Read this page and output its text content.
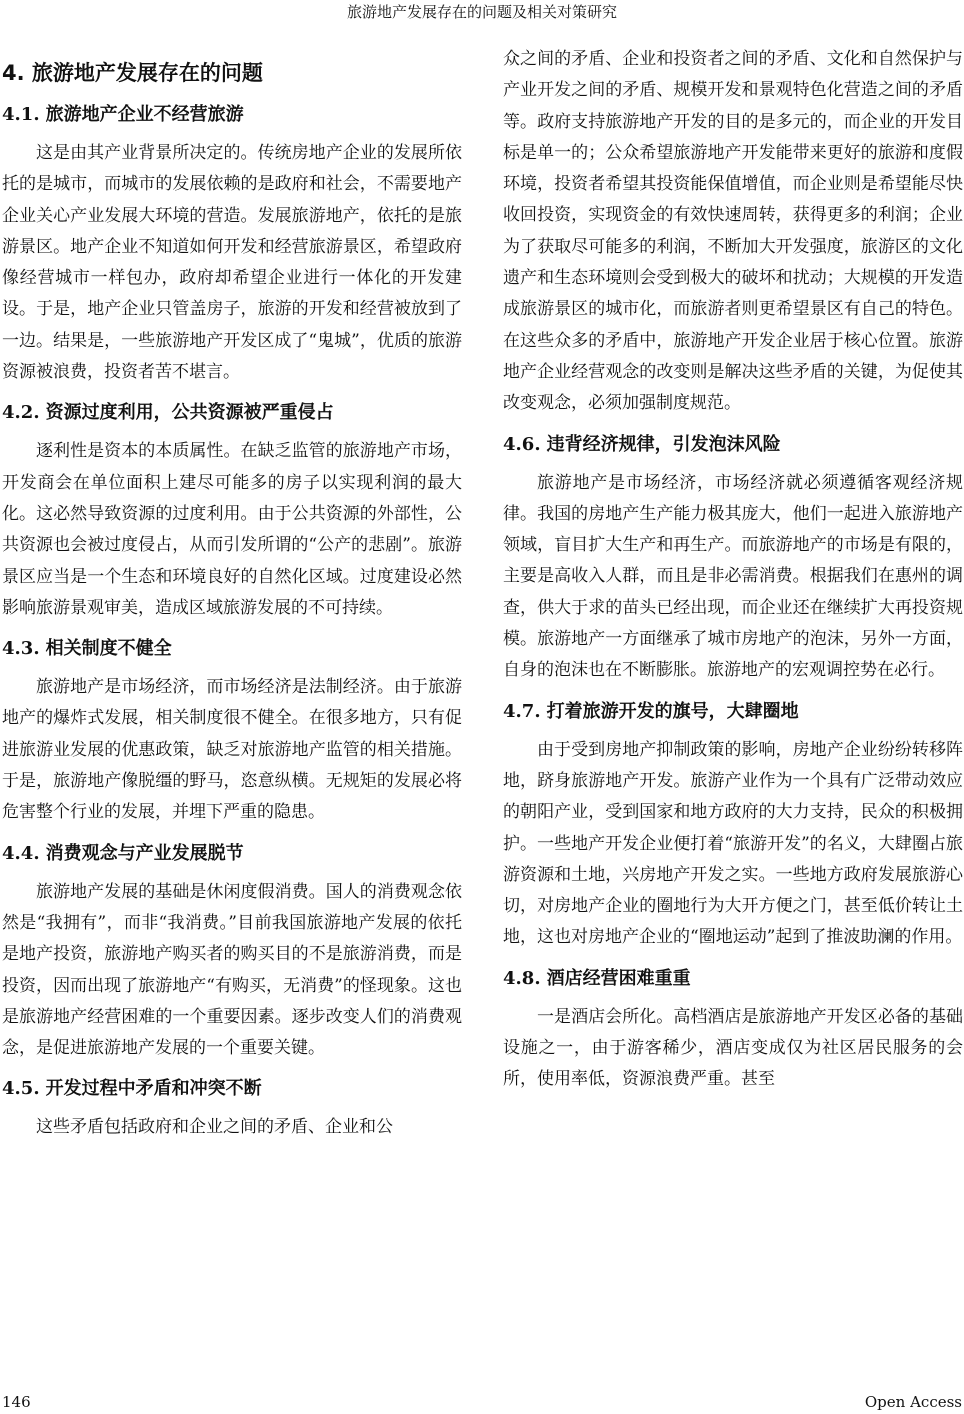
旅游地产发展存在的问题及相关对策研究
4. 旅游地产发展存在的问题
4.1. 旅游地产企业不经营旅游

这是由其产业背景所决定的。传统房地产企业的发展所依托的是城市，而城市的发展依赖的是政府和社会，不需要地产企业关心产业发展大环境的营造。发展旅游地产，依托的是旅游景区。地产企业不知道如何开发和经营旅游景区，希望政府像经营城市一样包办，政府却希望企业进行一体化的开发建设。于是，地产企业只管盖房子，旅游的开发和经营被放到了一边。结果是，一些旅游地产开发区成了“鬼城”，优质的旅游资源被浪费，投资者苦不堪言。

4.2. 资源过度利用，公共资源被严重侵占

逐利性是资本的本质属性。在缺乏监管的旅游地产市场，开发商会在单位面积上建尽可能多的房子以实现利润的最大化。这必然导致资源的过度利用。由于公共资源的外部性，公共资源也会被过度侵占，从而引发所谓的“公产的悲剧”。旅游景区应当是一个生态和环境良好的自然化区域。过度建设必然影响旅游景观审美，造成区域旅游发展的不可持续。

4.3. 相关制度不健全

旅游地产是市场经济，而市场经济是法制经济。由于旅游地产的爆炸式发展，相关制度很不健全。在很多地方，只有促进旅游业发展的优惠政策，缺乏对旅游地产监管的相关措施。于是，旅游地产像脱缰的野马，恣意纵横。无规矩的发展必将危害整个行业的发展，并埋下严重的隐患。

4.4. 消费观念与产业发展脱节

旅游地产发展的基础是休闲度假消费。国人的消费观念依然是“我拥有”，而非“我消费。”目前我国旅游地产发展的依托是地产投资，旅游地产购买者的购买目的不是旅游消费，而是投资，因而出现了旅游地产“有购买，无消费”的怪现象。这也是旅游地产经营困难的一个重要因素。逐步改变人们的消费观念，是促进旅游地产发展的一个重要关键。

4.5. 开发过程中矛盾和冲突不断

这些矛盾包括政府和企业之间的矛盾、企业和公

众之间的矛盾、企业和投资者之间的矛盾、文化和自然保护与产业开发之间的矛盾、规模开发和景观特色化营造之间的矛盾等。政府支持旅游地产开发的目的是多元的，而企业的开发目标是单一的；公众希望旅游地产开发能带来更好的旅游和度假环境，投资者希望其投资能保值增值，而企业则是希望能尽快收回投资，实现资金的有效快速周转，获得更多的利润；企业为了获取尽可能多的利润，不断加大开发强度，旅游区的文化遗产和生态环境则会受到极大的破坏和扰动；大规模的开发造成旅游景区的城市化，而旅游者则更希望景区有自己的特色。在这些众多的矛盾中，旅游地产开发企业居于核心位置。旅游地产企业经营观念的改变则是解决这些矛盾的关键，为促使其改变观念，必须加强制度规范。

4.6. 违背经济规律，引发泡沫风险

旅游地产是市场经济，市场经济就必须遵循客观经济规律。我国的房地产生产能力极其庞大，他们一起进入旅游地产领域，盲目扩大生产和再生产。而旅游地产的市场是有限的，主要是高收入人群，而且是非必需消费。根据我们在惠州的调查，供大于求的苗头已经出现，而企业还在继续扩大再投资规模。旅游地产一方面继承了城市房地产的泡沫，另外一方面，自身的泡沫也在不断膨胀。旅游地产的宏观调控势在必行。

4.7. 打着旅游开发的旗号，大肆圈地

由于受到房地产抑制政策的影响，房地产企业纷纷转移阵地，跻身旅游地产开发。旅游产业作为一个具有广泛带动效应的朝阳产业，受到国家和地方政府的大力支持，民众的积极拥护。一些地产开发企业便打着“旅游开发”的名义，大肆圈占旅游资源和土地，兴房地产开发之实。一些地方政府发展旅游心切，对房地产企业的圈地行为大开方便之门，甚至低价转让土地，这也对房地产企业的“圈地运动”起到了推波助澜的作用。

4.8. 酒店经营困难重重

一是酒店会所化。高档酒店是旅游地产开发区必备的基础设施之一，由于游客稀少，酒店变成仅为社区居民服务的会所，使用率低，资源浪费严重。甚至

146	Open Access
